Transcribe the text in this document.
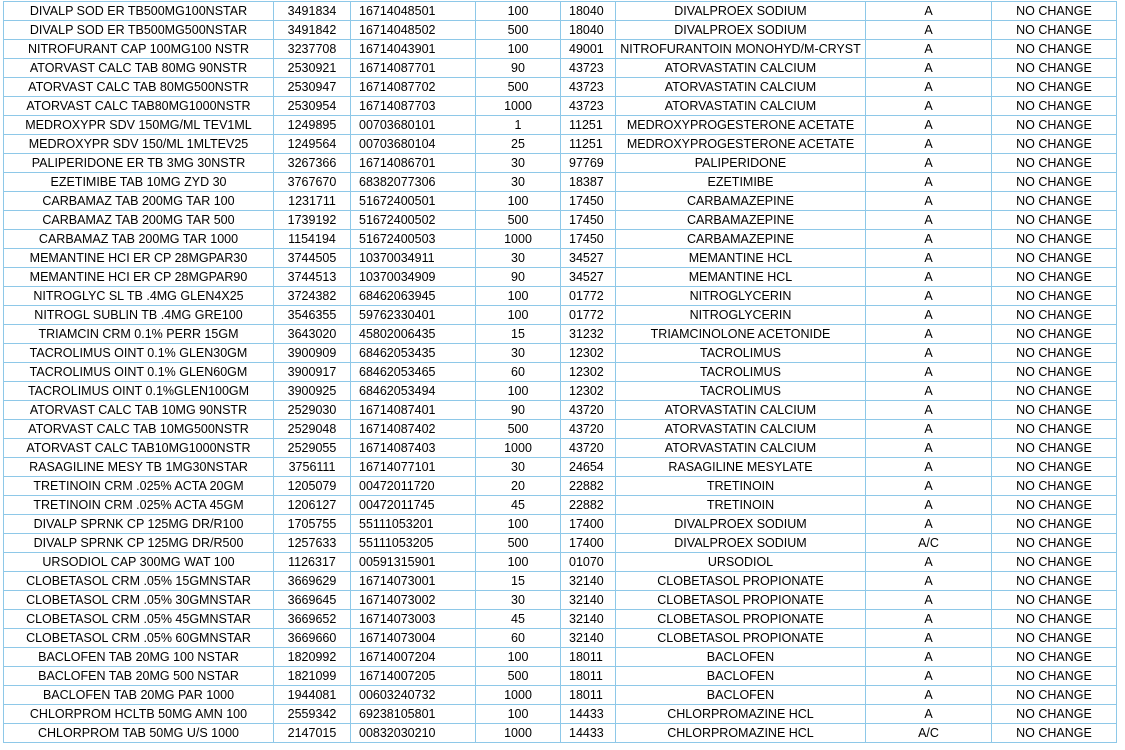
DIVALP SOD ER TB500MG100NSTAR	3491834	16714048501	100	18040	DIVALPROEX SODIUM	A	NO CHANGE
DIVALP SOD ER TB500MG500NSTAR	3491842	16714048502	500	18040	DIVALPROEX SODIUM	A	NO CHANGE
NITROFURANT CAP 100MG100 NSTR	3237708	16714043901	100	49001	NITROFURANTOIN MONOHYD/M-CRYST	A	NO CHANGE
ATORVAST CALC TAB 80MG 90NSTR	2530921	16714087701	90	43723	ATORVASTATIN CALCIUM	A	NO CHANGE
ATORVAST CALC TAB 80MG500NSTR	2530947	16714087702	500	43723	ATORVASTATIN CALCIUM	A	NO CHANGE
ATORVAST CALC TAB80MG1000NSTR	2530954	16714087703	1000	43723	ATORVASTATIN CALCIUM	A	NO CHANGE
MEDROXYPR SDV 150MG/ML TEV1ML	1249895	00703680101	1	11251	MEDROXYPROGESTERONE ACETATE	A	NO CHANGE
MEDROXYPR SDV 150/ML 1MLTEV25	1249564	00703680104	25	11251	MEDROXYPROGESTERONE ACETATE	A	NO CHANGE
PALIPERIDONE ER TB 3MG 30NSTR	3267366	16714086701	30	97769	PALIPERIDONE	A	NO CHANGE
EZETIMIBE TAB 10MG ZYD 30	3767670	68382077306	30	18387	EZETIMIBE	A	NO CHANGE
CARBAMAZ TAB 200MG TAR 100	1231711	51672400501	100	17450	CARBAMAZEPINE	A	NO CHANGE
CARBAMAZ TAB 200MG TAR 500	1739192	51672400502	500	17450	CARBAMAZEPINE	A	NO CHANGE
CARBAMAZ TAB 200MG TAR 1000	1154194	51672400503	1000	17450	CARBAMAZEPINE	A	NO CHANGE
MEMANTINE HCI ER CP 28MGPAR30	3744505	10370034911	30	34527	MEMANTINE HCL	A	NO CHANGE
MEMANTINE HCI ER CP 28MGPAR90	3744513	10370034909	90	34527	MEMANTINE HCL	A	NO CHANGE
NITROGLYC SL TB .4MG GLEN4X25	3724382	68462063945	100	01772	NITROGLYCERIN	A	NO CHANGE
NITROGL SUBLIN TB .4MG GRE100	3546355	59762330401	100	01772	NITROGLYCERIN	A	NO CHANGE
TRIAMCIN CRM 0.1% PERR 15GM	3643020	45802006435	15	31232	TRIAMCINOLONE ACETONIDE	A	NO CHANGE
TACROLIMUS OINT 0.1% GLEN30GM	3900909	68462053435	30	12302	TACROLIMUS	A	NO CHANGE
TACROLIMUS OINT 0.1% GLEN60GM	3900917	68462053465	60	12302	TACROLIMUS	A	NO CHANGE
TACROLIMUS OINT 0.1%GLEN100GM	3900925	68462053494	100	12302	TACROLIMUS	A	NO CHANGE
ATORVAST CALC TAB 10MG 90NSTR	2529030	16714087401	90	43720	ATORVASTATIN CALCIUM	A	NO CHANGE
ATORVAST CALC TAB 10MG500NSTR	2529048	16714087402	500	43720	ATORVASTATIN CALCIUM	A	NO CHANGE
ATORVAST CALC TAB10MG1000NSTR	2529055	16714087403	1000	43720	ATORVASTATIN CALCIUM	A	NO CHANGE
RASAGILINE MESY TB 1MG30NSTAR	3756111	16714077101	30	24654	RASAGILINE MESYLATE	A	NO CHANGE
TRETINOIN CRM .025% ACTA 20GM	1205079	00472011720	20	22882	TRETINOIN	A	NO CHANGE
TRETINOIN CRM .025% ACTA 45GM	1206127	00472011745	45	22882	TRETINOIN	A	NO CHANGE
DIVALP SPRNK CP 125MG DR/R100	1705755	55111053201	100	17400	DIVALPROEX SODIUM	A	NO CHANGE
DIVALP SPRNK CP 125MG DR/R500	1257633	55111053205	500	17400	DIVALPROEX SODIUM	A/C	NO CHANGE
URSODIOL CAP 300MG WAT 100	1126317	00591315901	100	01070	URSODIOL	A	NO CHANGE
CLOBETASOL CRM .05% 15GMNSTAR	3669629	16714073001	15	32140	CLOBETASOL PROPIONATE	A	NO CHANGE
CLOBETASOL CRM .05% 30GMNSTAR	3669645	16714073002	30	32140	CLOBETASOL PROPIONATE	A	NO CHANGE
CLOBETASOL CRM .05% 45GMNSTAR	3669652	16714073003	45	32140	CLOBETASOL PROPIONATE	A	NO CHANGE
CLOBETASOL CRM .05% 60GMNSTAR	3669660	16714073004	60	32140	CLOBETASOL PROPIONATE	A	NO CHANGE
BACLOFEN TAB 20MG 100 NSTAR	1820992	16714007204	100	18011	BACLOFEN	A	NO CHANGE
BACLOFEN TAB 20MG 500 NSTAR	1821099	16714007205	500	18011	BACLOFEN	A	NO CHANGE
BACLOFEN TAB 20MG PAR 1000	1944081	00603240732	1000	18011	BACLOFEN	A	NO CHANGE
CHLORPROM HCLTB 50MG AMN 100	2559342	69238105801	100	14433	CHLORPROMAZINE HCL	A	NO CHANGE
CHLORPROM TAB 50MG U/S 1000	2147015	00832030210	1000	14433	CHLORPROMAZINE HCL	A/C	NO CHANGE
